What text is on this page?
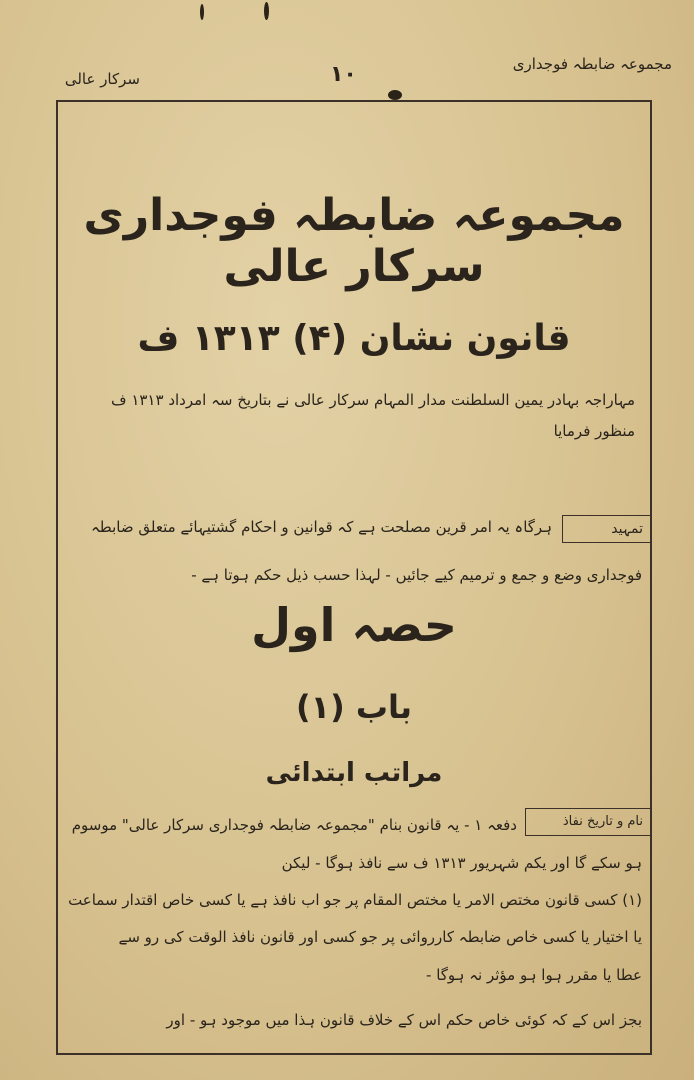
مجموعہ ضابطہ فوجداری
۱۰
سرکار عالی
مجموعہ ضابطہ فوجداری سرکار عالی
قانون نشان (۴) ۱۳۱۳ ف
مہاراجہ بہادر یمین السلطنت مدار المہام سرکار عالی نے بتاریخ سہ امرداد ۱۳۱۳ ف
منظور فرمایا
تمہید
ہرگاہ یہ امر قرین مصلحت ہے کہ قوانین و احکام گشتیہائے متعلق ضابطہ
فوجداری وضع و جمع و ترمیم کیے جائیں - لہذا حسب ذیل حکم ہوتا ہے -
حصہ اول
باب (۱)
مراتب ابتدائی
نام و تاریخ نفاذ
دفعہ ۱ - یہ قانون بنام "مجموعہ ضابطہ فوجداری سرکار عالی" موسوم
ہو سکے گا اور یکم شہریور ۱۳۱۳ ف سے نافذ ہوگا - لیکن
(۱) کسی قانون مختص الامر یا مختص المقام پر جو اب نافذ ہے یا کسی خاص اقتدار سماعت
یا اختیار یا کسی خاص ضابطہ کارروائی پر جو کسی اور قانون نافذ الوقت کی رو سے
عطا یا مقرر ہوا ہو مؤثر نہ ہوگا -
بجز اس کے کہ کوئی خاص حکم اس کے خلاف قانون ہذا میں موجود ہو - اور
